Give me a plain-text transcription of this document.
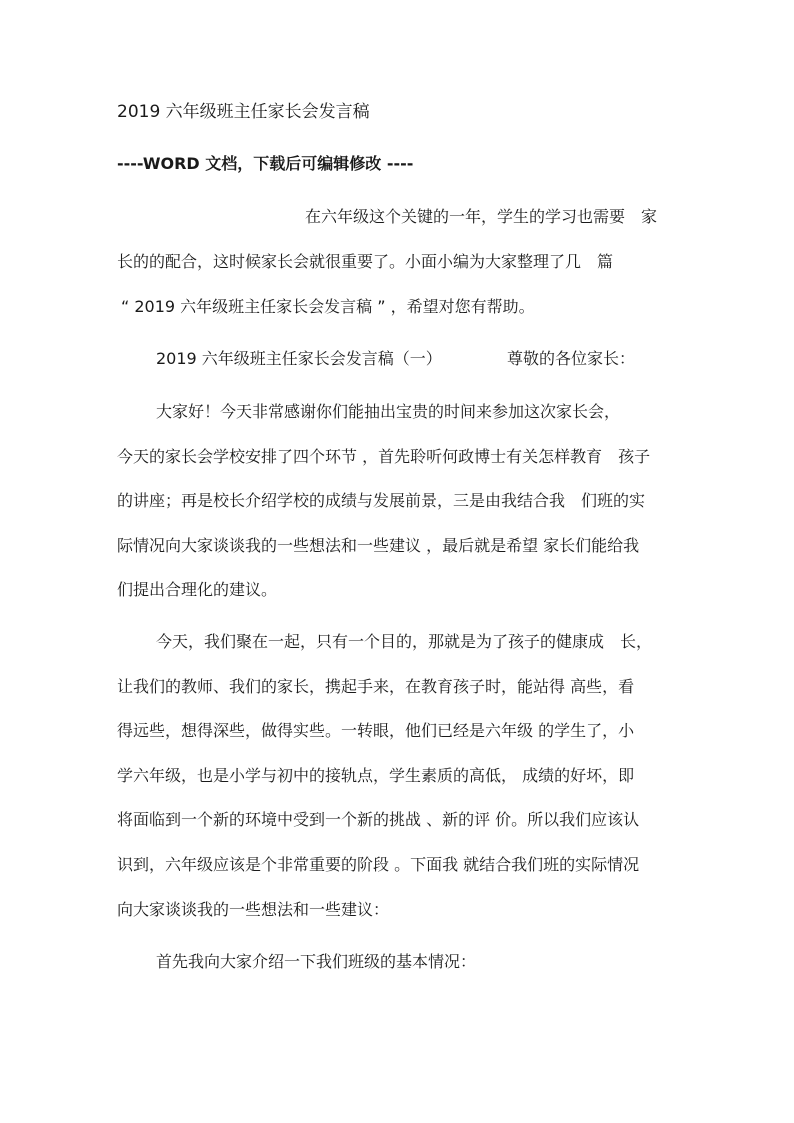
2019 六年级班主任家长会发言稿
----WORD 文档，下载后可编辑修改 ----
在六年级这个关键的一年，学生的学习也需要　家
长的的配合，这时候家长会就很重要了。小面小编为大家整理了几　篇
“ 2019 六年级班主任家长会发言稿 ” ，希望对您有帮助。
2019 六年级班主任家长会发言稿（一）	尊敬的各位家长：
大家好！今天非常感谢你们能抽出宝贵的时间来参加这次家长会，
今天的家长会学校安排了四个环节 ，首先聆听何政博士有关怎样教育　孩子
的讲座；再是校长介绍学校的成绩与发展前景，三是由我结合我　们班的实
际情况向大家谈谈我的一些想法和一些建议 ，最后就是希望 家长们能给我
们提出合理化的建议。
今天，我们聚在一起，只有一个目的，那就是为了孩子的健康成　长，
让我们的教师、我们的家长，携起手来，在教育孩子时，能站得 高些，看
得远些，想得深些，做得实些。一转眼，他们已经是六年级 的学生了，小
学六年级，也是小学与初中的接轨点，学生素质的高低， 成绩的好坏，即
将面临到一个新的环境中受到一个新的挑战 、新的评 价。所以我们应该认
识到，六年级应该是个非常重要的阶段 。下面我 就结合我们班的实际情况
向大家谈谈我的一些想法和一些建议：
首先我向大家介绍一下我们班级的基本情况：
